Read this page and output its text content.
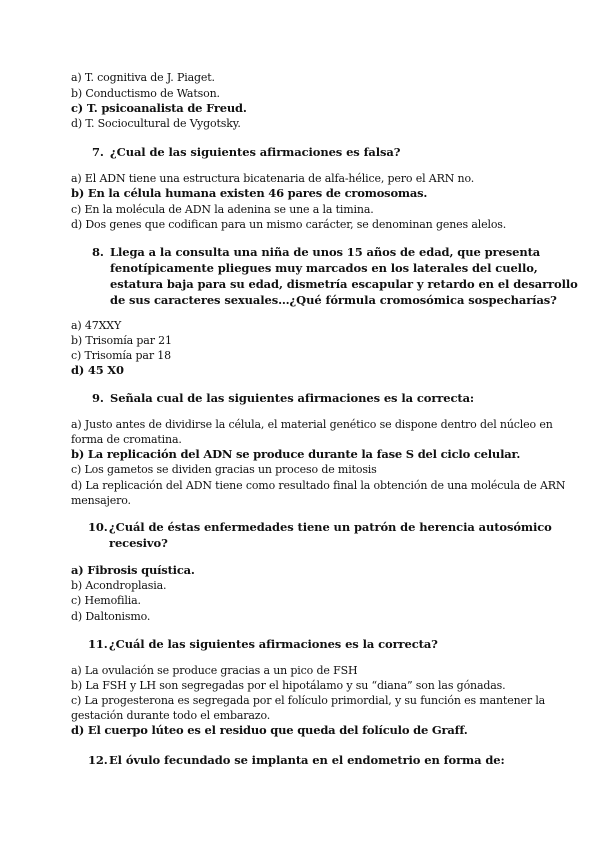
a) T. cognitiva de J. Piaget.
b) Conductismo de Watson.
c) T. psicoanalista de Freud.
d) T. Sociocultural de Vygotsky.
7. ¿Cual de las siguientes afirmaciones es falsa?
a) El ADN tiene una estructura bicatenaria de alfa-hélice, pero el ARN no.
b) En la célula humana existen 46 pares de cromosomas.
c) En la molécula de ADN la adenina se une a la timina.
d) Dos genes que codifican para un mismo carácter, se denominan genes alelos.
8. Llega a la consulta una niña de unos 15 años de edad, que presenta
fenotípicamente pliegues muy marcados en los laterales del cuello,
estatura baja para su edad, dismetría escapular y retardo en el desarrollo
de sus caracteres sexuales…¿Qué fórmula cromosómica sospecharías?
a) 47XXY
b) Trisomía par 21
c) Trisomía par 18
d) 45 X0
9. Señala cual de las siguientes afirmaciones es la correcta:
a) Justo antes de dividirse la célula, el material genético se dispone dentro del núcleo en
forma de cromatina.
b) La replicación del ADN se produce durante la fase S del ciclo celular.
c) Los gametos se dividen gracias un proceso de mitosis
d) La replicación del ADN tiene como resultado final la obtención de una molécula de ARN
mensajero.
10. ¿Cuál de éstas enfermedades tiene un patrón de herencia autosómico
recesivo?
a) Fibrosis quística.
b) Acondroplasia.
c) Hemofilia.
d) Daltonismo.
11. ¿Cuál de las siguientes afirmaciones es la correcta?
a) La ovulación se produce gracias a un pico de FSH
b) La FSH y LH son segregadas por el hipotálamo y su “diana” son las gónadas.
c) La progesterona es segregada por el folículo primordial, y su función es mantener la
gestación durante todo el embarazo.
d) El cuerpo lúteo es el residuo que queda del folículo de Graff.
12. El óvulo fecundado se implanta en el endometrio en forma de:
